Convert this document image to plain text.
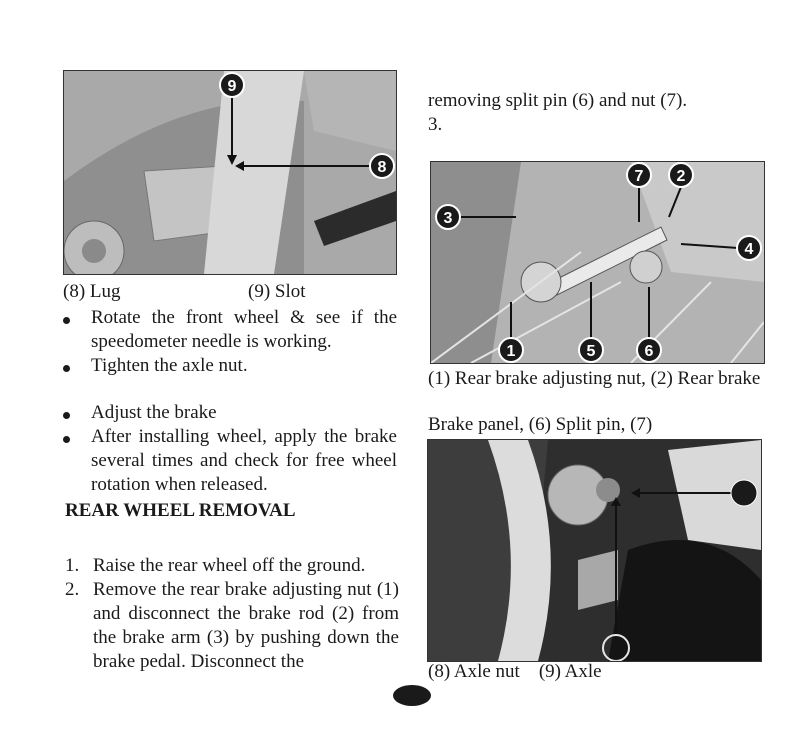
9
8
(8) Lug	(9) Slot
Rotate the front wheel & see if the speedometer needle is working.
Tighten the axle nut.
Adjust the brake
After installing wheel, apply the brake several times and check for free wheel rotation when released.
REAR WHEEL REMOVAL
1. Raise the rear wheel off the ground.
2. Remove the rear brake adjusting nut (1) and disconnect the brake rod (2) from the brake arm (3) by pushing down the brake pedal. Disconnect the
removing split pin (6) and nut (7).
3.
7 2
3
4
1	5	6
(1) Rear brake adjusting nut, (2) Rear brake
Brake panel, (6) Split pin, (7)
(8) Axle nut    (9) Axle
